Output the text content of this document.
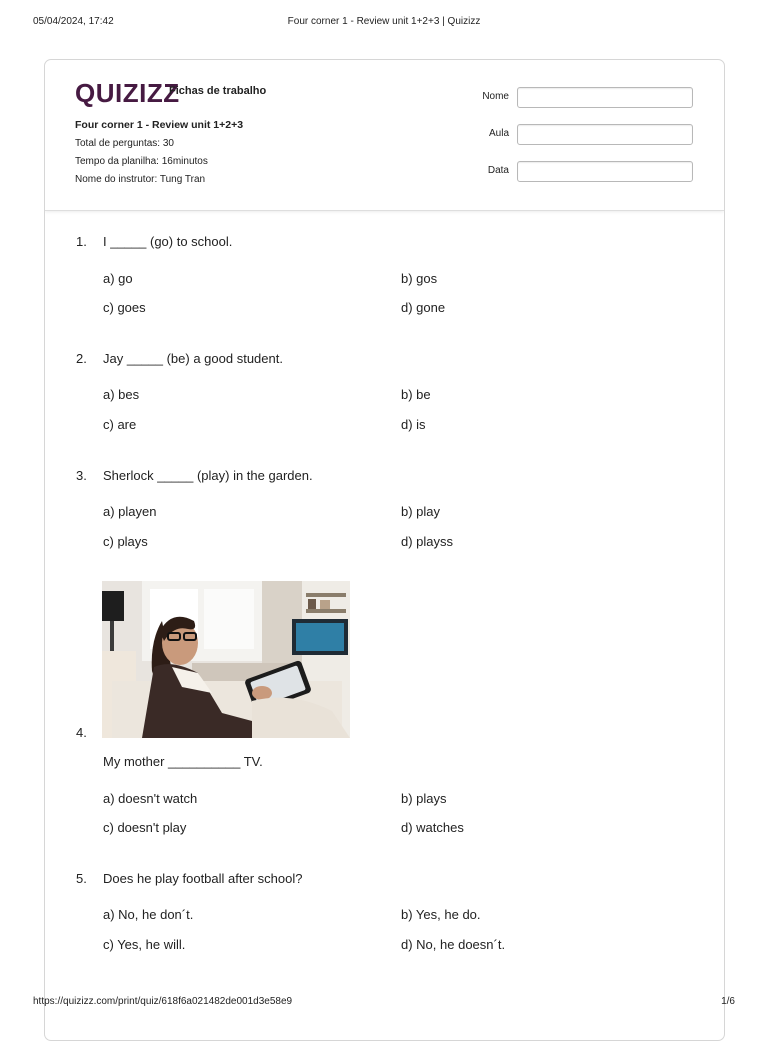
05/04/2024, 17:42	Four corner 1 - Review unit 1+2+3 | Quizizz
QUIZIZZ
Fichas de trabalho
Four corner 1 - Review unit 1+2+3
Total de perguntas: 30
Tempo da planilha: 16minutos
Nome do instrutor: Tung Tran
Nome
Aula
Data
1.	I _____ (go) to school.
a) go	b) gos
c) goes	d) gone
2.	Jay _____ (be) a good student.
a) bes	b) be
c) are	d) is
3.	Sherlock _____ (play) in the garden.
a) playen	b) play
c) plays	d) playss
4.
My mother __________ TV.
a) doesn't watch	b) plays
c) doesn't play	d) watches
5.	Does he play football after school?
a) No, he don´t.	b) Yes, he do.
c) Yes, he will.	d) No, he doesn´t.
https://quizizz.com/print/quiz/618f6a021482de001d3e58e9	1/6
